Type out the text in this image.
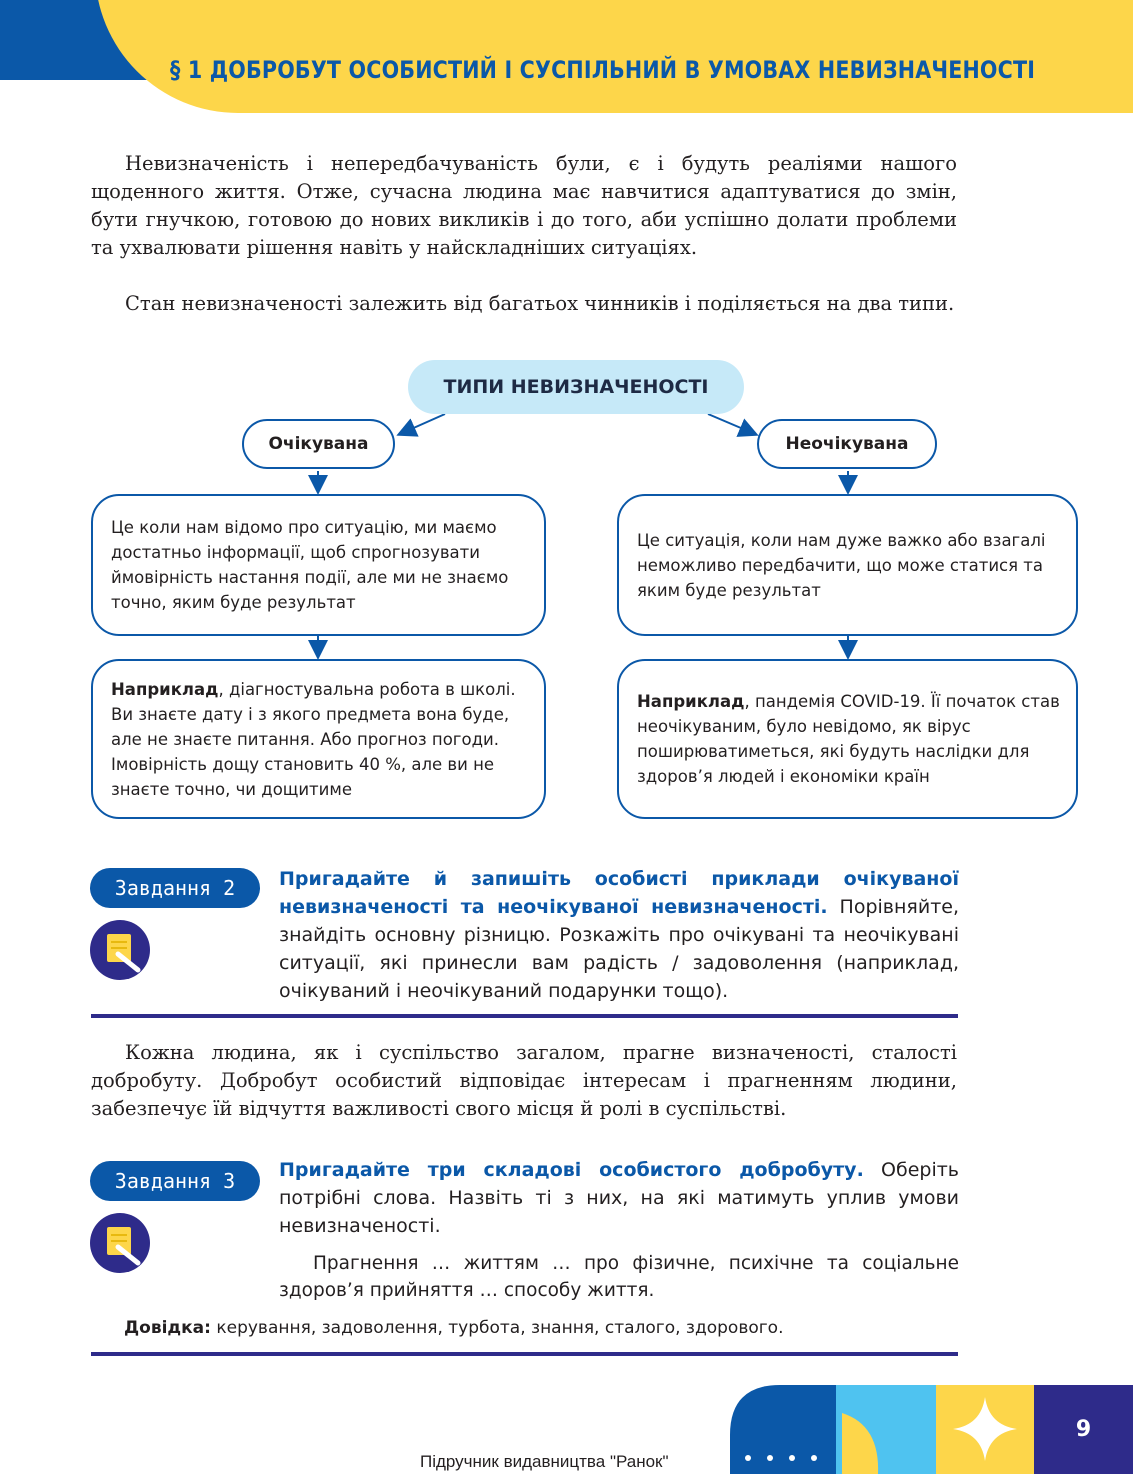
§ 1 ДОБРОБУТ ОСОБИСТИЙ І СУСПІЛЬНИЙ В УМОВАХ НЕВИЗНАЧЕНОСТІ

Невизначеність і непередбачуваність були, є і будуть реаліями нашого щоденного життя. Отже, сучасна людина має навчитися адаптуватися до змін, бути гнучкою, готовою до нових викликів і до того, аби успішно долати проблеми та ухвалювати рішення навіть у найскладніших ситуаціях.

Стан невизначеності залежить від багатьох чинників і поділяється на два типи.

ТИПИ НЕВИЗНАЧЕНОСТІ
Очікувана	Неочікувана
Це коли нам відомо про ситуацію, ми маємо достатньо інформації, щоб спрогнозувати ймовірність настання події, але ми не знаємо точно, яким буде результат
Це ситуація, коли нам дуже важко або взагалі неможливо передбачити, що може статися та яким буде результат
Наприклад, діагностувальна робота в школі. Ви знаєте дату і з якого предмета вона буде, але не знаєте питання. Або прогноз погоди. Імовірність дощу становить 40 %, але ви не знаєте точно, чи дощитиме
Наприклад, пандемія COVID-19. Її початок став неочікуваним, було невідомо, як вірус поширюватиметься, які будуть наслідки для здоров’я людей і економіки країн
Завдання 2	Пригадайте й запишіть особисті приклади очікуваної невизначеності та неочікуваної невизначеності. Порівняйте, знайдіть основну різницю. Розкажіть про очікувані та неочікувані ситуації, які принесли вам радість / задоволення (наприклад, очікуваний і неочікуваний подарунки тощо).

Кожна людина, як і суспільство загалом, прагне визначеності, сталості добробуту. Добробут особистий відповідає інтересам і прагненням людини, забезпечує їй відчуття важливості свого місця й ролі в суспільстві.

Завдання 3	Пригадайте три складові особистого добробуту. Оберіть потрібні слова. Назвіть ті з них, на які матимуть уплив умови невизначеності.

Прагнення … життям … про фізичне, психічне та соціальне здоров’я прийняття … способу життя.

Довідка: керування, задоволення, турбота, знання, сталого, здорового.

Підручник видавництва "Ранок"
9
